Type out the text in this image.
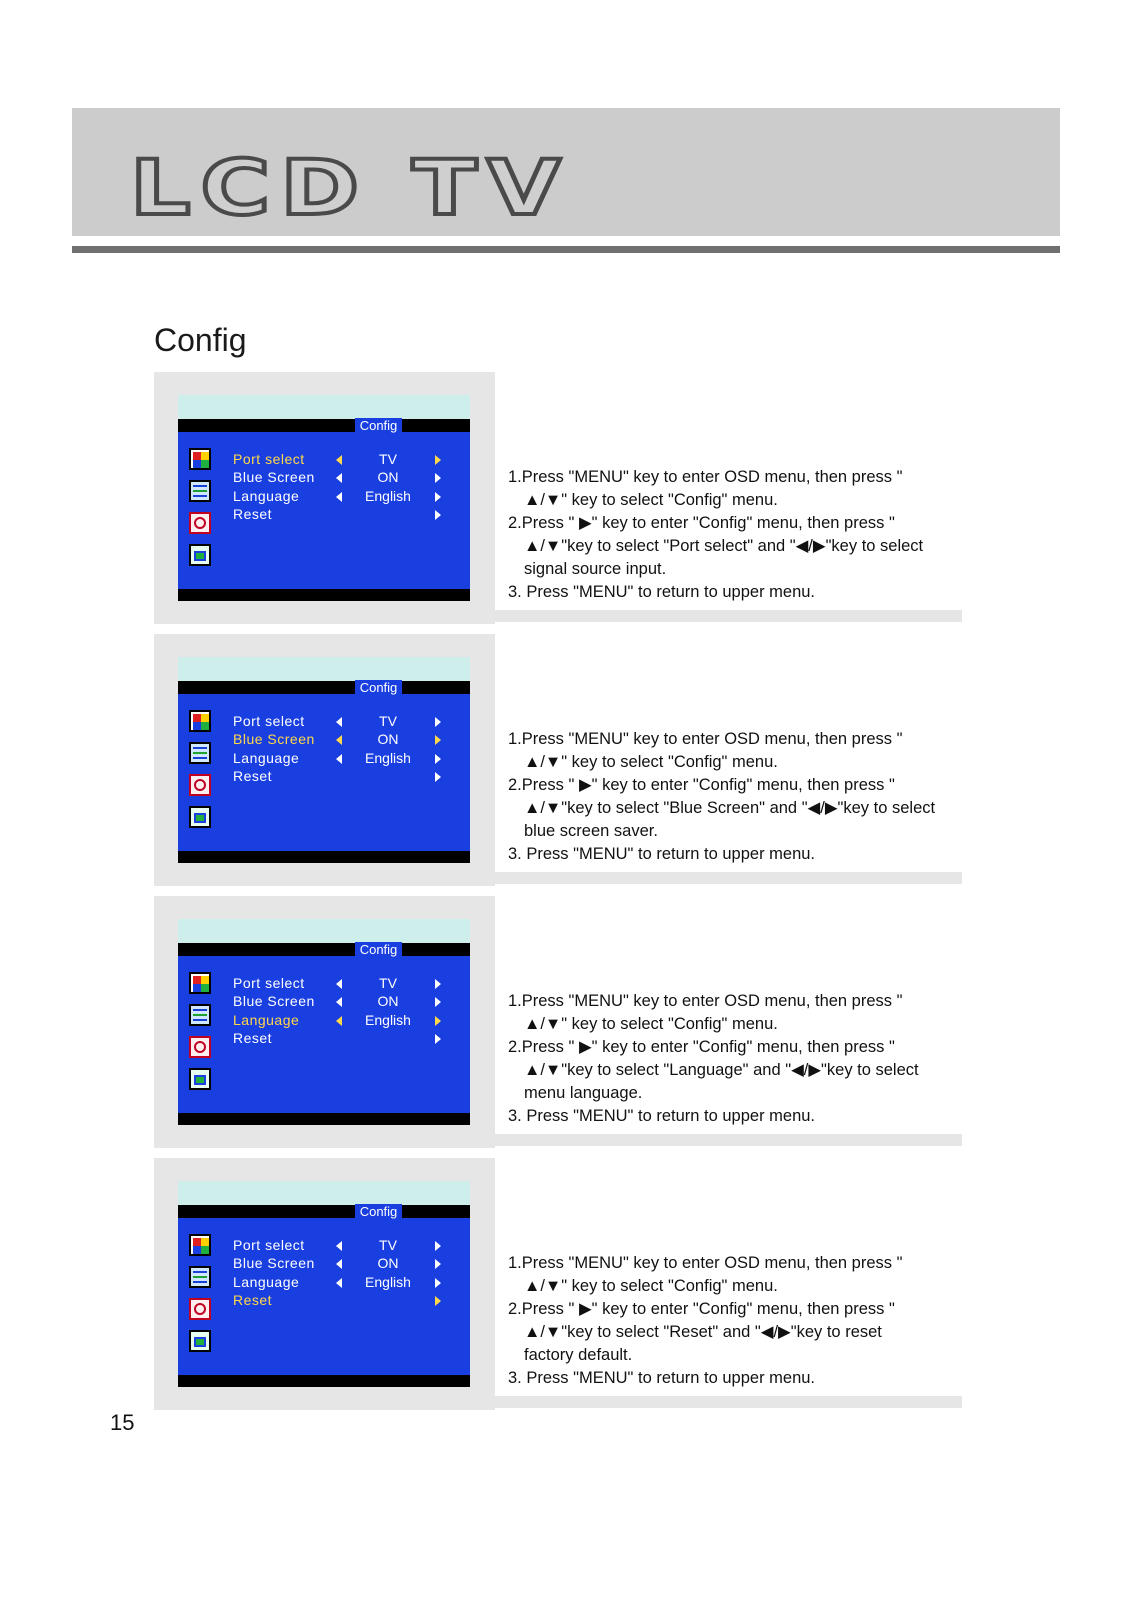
LCD TV
Config
Config
Port select	TV
Blue Screen	ON
Language	English
Reset

1.Press "MENU" key to enter OSD menu, then press "

▲/▼" key to select "Config" menu.

2.Press " ▶" key to enter "Config" menu, then press "

▲/▼"key to select "Port select" and "◀/▶"key to select

signal source input.

3. Press "MENU" to return to upper menu.

Config
Port select	TV
Blue Screen	ON
Language	English
Reset

1.Press "MENU" key to enter OSD menu, then press "

▲/▼" key to select "Config" menu.

2.Press " ▶" key to enter "Config" menu, then press "

▲/▼"key to select "Blue Screen" and "◀/▶"key to select

blue screen saver.

3. Press "MENU" to return to upper menu.

Config
Port select	TV
Blue Screen	ON
Language	English
Reset

1.Press "MENU" key to enter OSD menu, then press "

▲/▼" key to select "Config" menu.

2.Press " ▶" key to enter "Config" menu, then press "

▲/▼"key to select "Language" and "◀/▶"key to select

menu language.

3. Press "MENU" to return to upper menu.

Config
Port select	TV
Blue Screen	ON
Language	English
Reset

1.Press "MENU" key to enter OSD menu, then press "

▲/▼" key to select "Config" menu.

2.Press " ▶" key to enter "Config" menu, then press "

▲/▼"key to select "Reset" and "◀/▶"key to reset

factory default.

3. Press "MENU" to return to upper menu.

15
